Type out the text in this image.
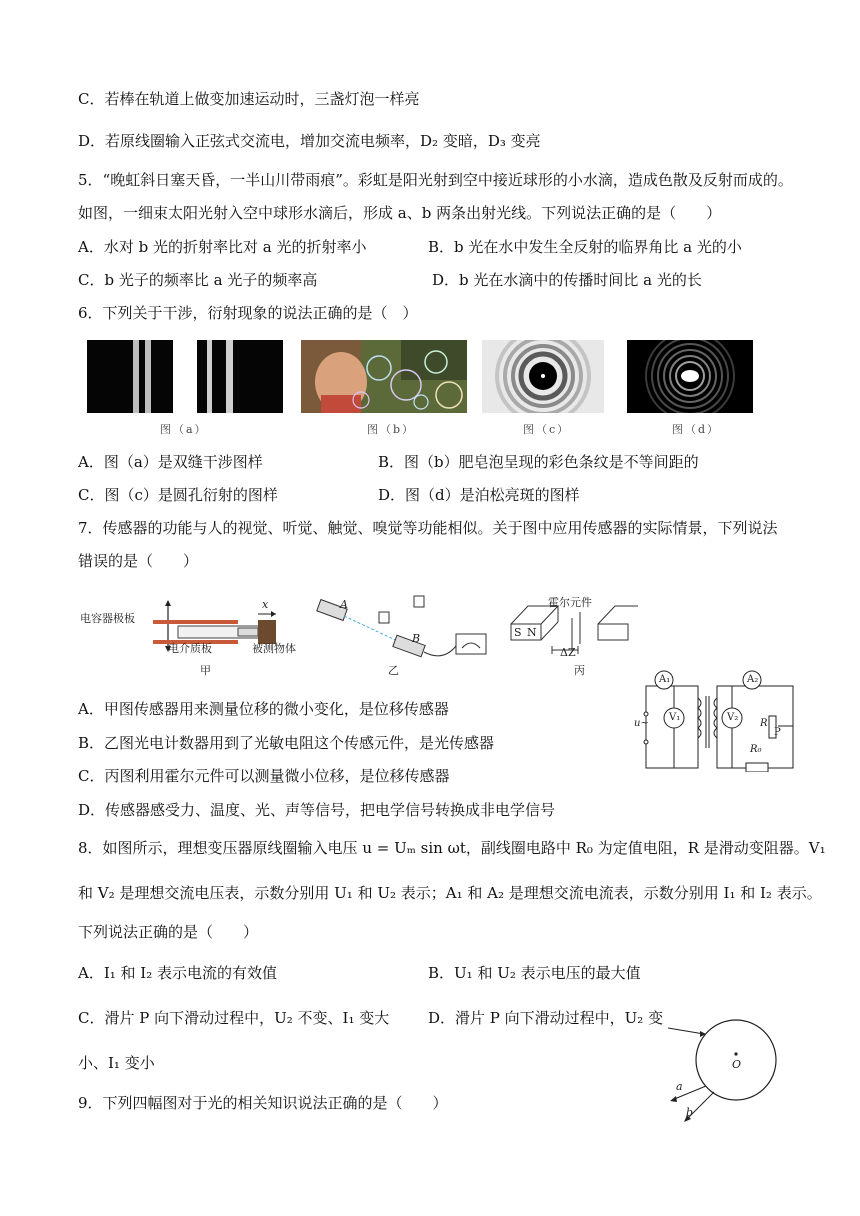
C．若棒在轨道上做变加速运动时，三盏灯泡一样亮
D．若原线圈输入正弦式交流电，增加交流电频率，D₂ 变暗，D₃ 变亮
5．“晚虹斜日塞天昏，一半山川带雨痕”。彩虹是阳光射到空中接近球形的小水滴，造成色散及反射而成的。
如图，一细束太阳光射入空中球形水滴后，形成 a、b 两条出射光线。下列说法正确的是（　　）
A．水对 b 光的折射率比对 a 光的折射率小	B．b 光在水中发生全反射的临界角比 a 光的小
C．b 光子的频率比 a 光子的频率高	D．b 光在水滴中的传播时间比 a 光的长
6．下列关于干涉，衍射现象的说法正确的是（　）
图（a）	图（b）	图（c）	图（d）
A．图（a）是双缝干涉图样	B．图（b）肥皂泡呈现的彩色条纹是不等间距的
C．图（c）是圆孔衍射的图样	D．图（d）是泊松亮斑的图样
7．传感器的功能与人的视觉、听觉、触觉、嗅觉等功能相似。关于图中应用传感器的实际情景，下列说法
错误的是（　　）
电容器极板
电介质板	被测物体
x
甲	乙	丙
霍尔元件
ΔZ
A
B	S N
A₁	A₂
V₁	V₂
u~	R
P
R₀
A．甲图传感器用来测量位移的微小变化，是位移传感器
B．乙图光电计数器用到了光敏电阻这个传感元件，是光传感器
C．丙图利用霍尔元件可以测量微小位移，是位移传感器
D．传感器感受力、温度、光、声等信号，把电学信号转换成非电学信号
8．如图所示，理想变压器原线圈输入电压 u = Uₘ sin ωt，副线圈电路中 R₀ 为定值电阻，R 是滑动变阻器。V₁
和 V₂ 是理想交流电压表，示数分别用 U₁ 和 U₂ 表示；A₁ 和 A₂ 是理想交流电流表，示数分别用 I₁ 和 I₂ 表示。
下列说法正确的是（　　）
A．I₁ 和 I₂ 表示电流的有效值	B．U₁ 和 U₂ 表示电压的最大值
C．滑片 P 向下滑动过程中，U₂ 不变、I₁ 变大	D．滑片 P 向下滑动过程中，U₂ 变
小、I₁ 变小	O
a
b
9．下列四幅图对于光的相关知识说法正确的是（　　）
